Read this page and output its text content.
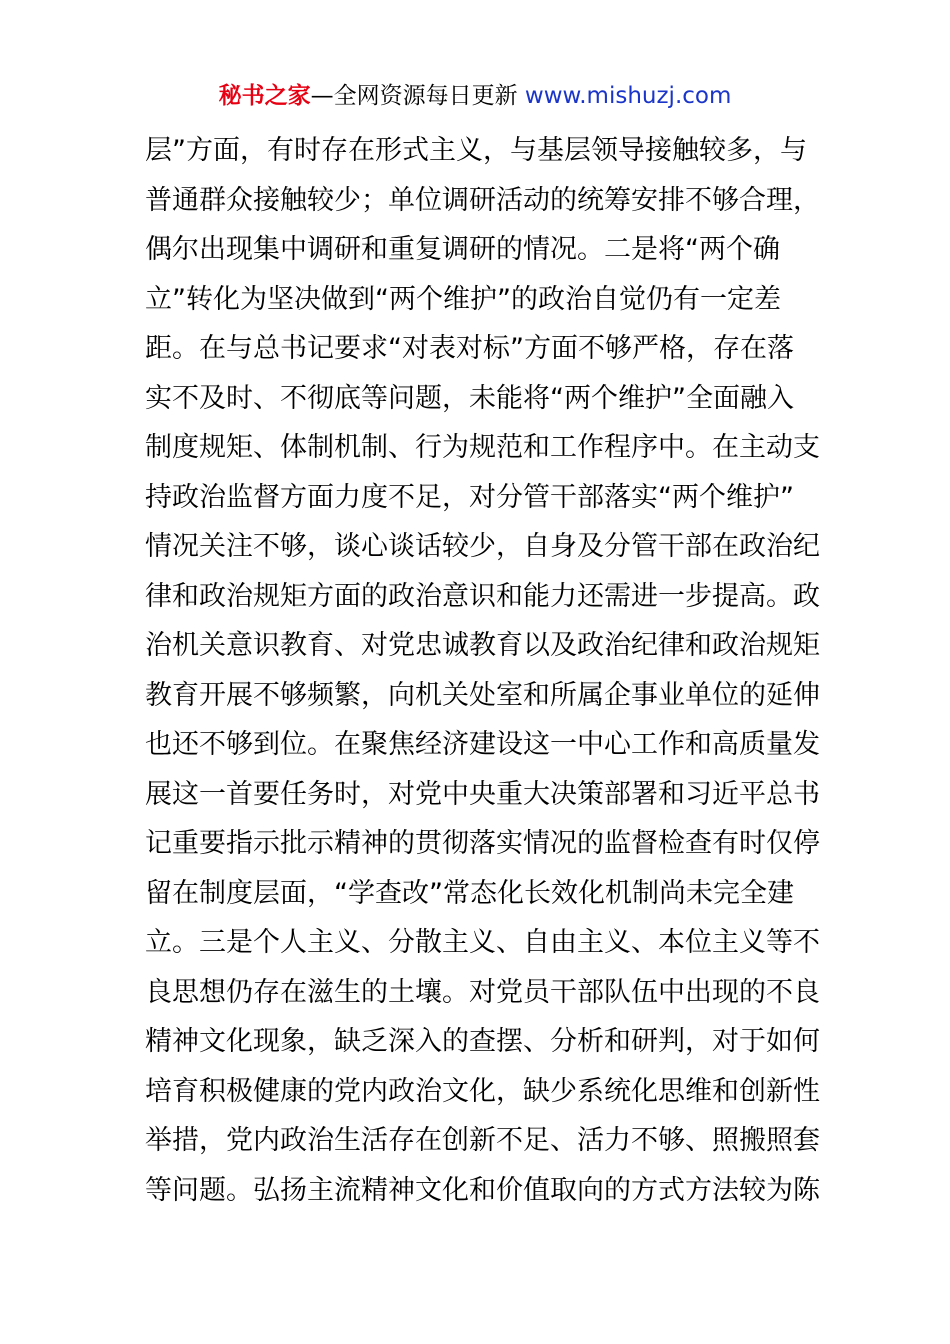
秘书之家—全网资源每日更新 www.mishuzj.com
层”方面，有时存在形式主义，与基层领导接触较多，与
普通群众接触较少；单位调研活动的统筹安排不够合理，
偶尔出现集中调研和重复调研的情况。二是将“两个确
立”转化为坚决做到“两个维护”的政治自觉仍有一定差
距。在与总书记要求“对表对标”方面不够严格，存在落
实不及时、不彻底等问题，未能将“两个维护”全面融入
制度规矩、体制机制、行为规范和工作程序中。在主动支
持政治监督方面力度不足，对分管干部落实“两个维护”
情况关注不够，谈心谈话较少，自身及分管干部在政治纪
律和政治规矩方面的政治意识和能力还需进一步提高。政
治机关意识教育、对党忠诚教育以及政治纪律和政治规矩
教育开展不够频繁，向机关处室和所属企事业单位的延伸
也还不够到位。在聚焦经济建设这一中心工作和高质量发
展这一首要任务时，对党中央重大决策部署和习近平总书
记重要指示批示精神的贯彻落实情况的监督检查有时仅停
留在制度层面，“学查改”常态化长效化机制尚未完全建
立。三是个人主义、分散主义、自由主义、本位主义等不
良思想仍存在滋生的土壤。对党员干部队伍中出现的不良
精神文化现象，缺乏深入的查摆、分析和研判，对于如何
培育积极健康的党内政治文化，缺少系统化思维和创新性
举措，党内政治生活存在创新不足、活力不够、照搬照套
等问题。弘扬主流精神文化和价值取向的方式方法较为陈
